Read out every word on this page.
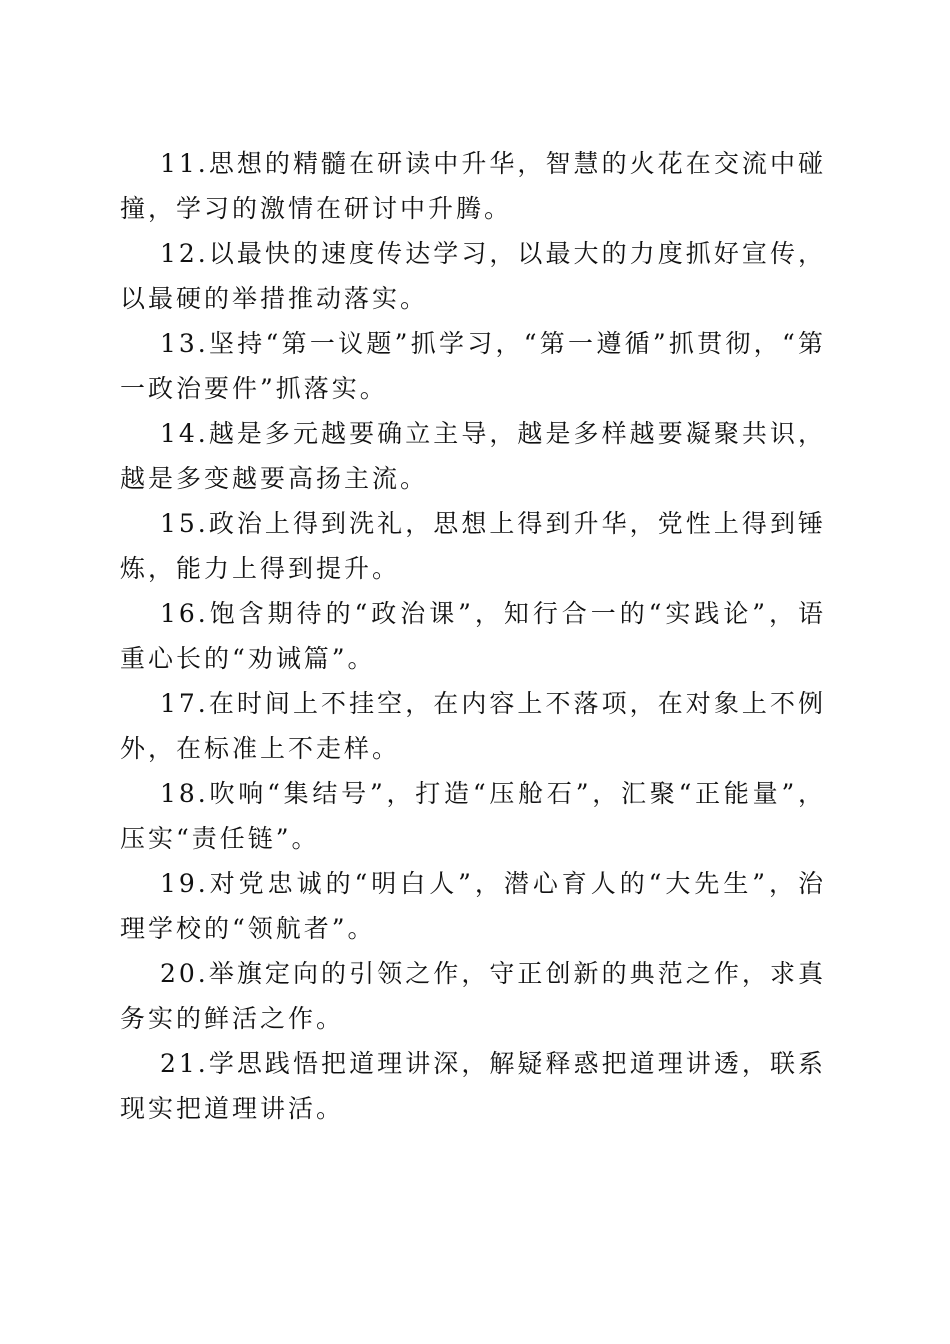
11.思想的精髓在研读中升华，智慧的火花在交流中碰撞，学习的激情在研讨中升腾。

12.以最快的速度传达学习，以最大的力度抓好宣传，以最硬的举措推动落实。

13.坚持“第一议题”抓学习，“第一遵循”抓贯彻，“第一政治要件”抓落实。

14.越是多元越要确立主导，越是多样越要凝聚共识，越是多变越要高扬主流。

15.政治上得到洗礼，思想上得到升华，党性上得到锤炼，能力上得到提升。

16.饱含期待的“政治课”，知行合一的“实践论”，语重心长的“劝诫篇”。

17.在时间上不挂空，在内容上不落项，在对象上不例外，在标准上不走样。

18.吹响“集结号”，打造“压舱石”，汇聚“正能量”，压实“责任链”。

19.对党忠诚的“明白人”，潜心育人的“大先生”，治理学校的“领航者”。

20.举旗定向的引领之作，守正创新的典范之作，求真务实的鲜活之作。

21.学思践悟把道理讲深，解疑释惑把道理讲透，联系现实把道理讲活。
